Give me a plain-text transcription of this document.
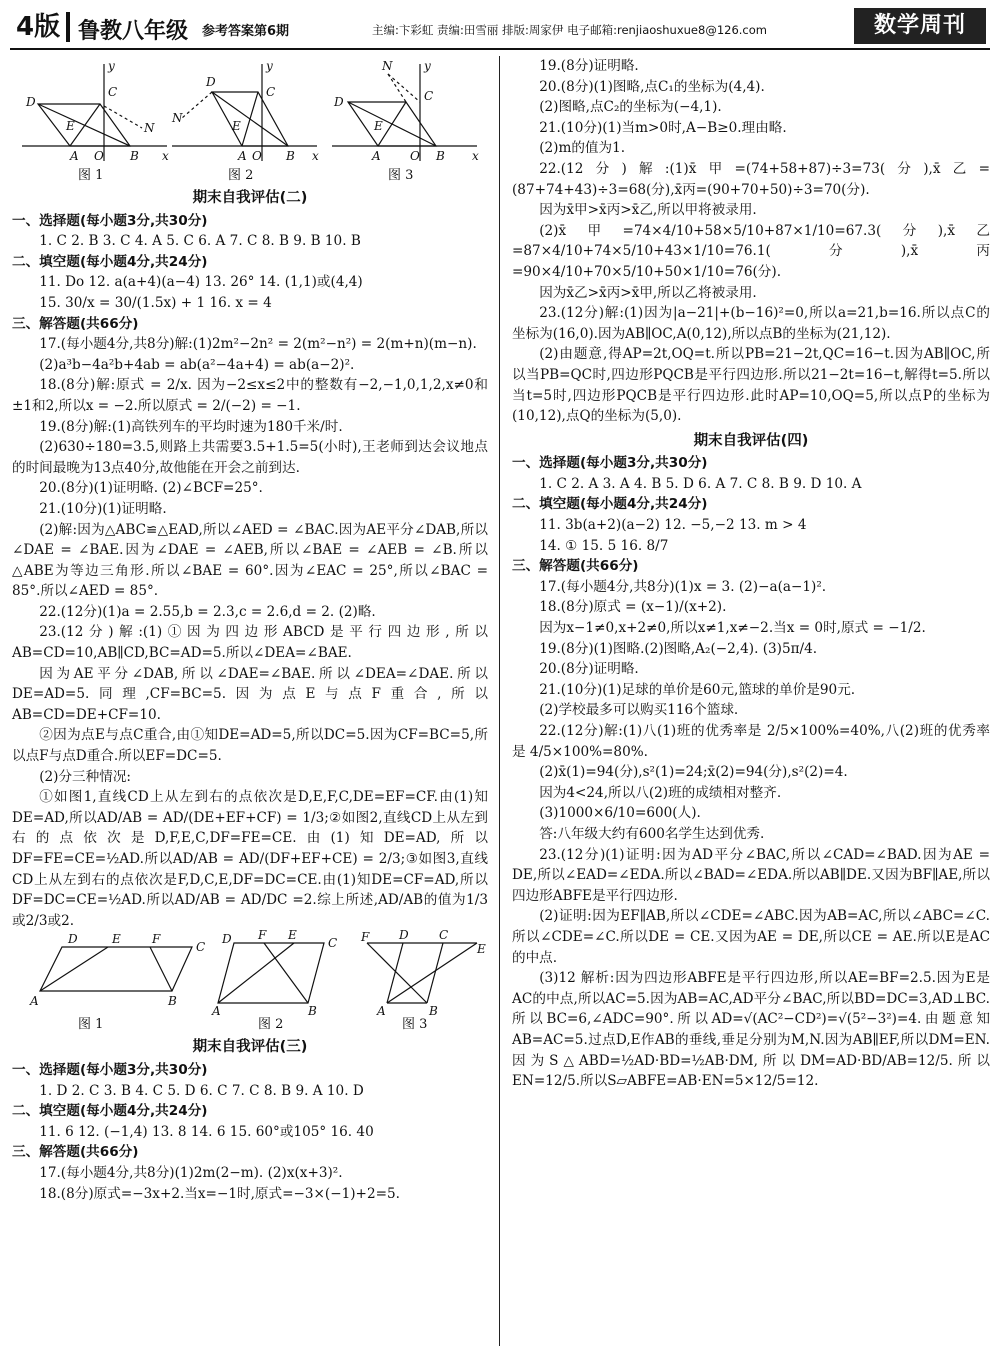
4版 鲁教八年级 参考答案第6期	主编:卞彩虹 责编:田雪丽 排版:周家伊 电子邮箱:renjiaoshuxue8@126.com	数学周刊
D
C
E	N
A O B x
y
D
C
E
N
A O B x
y
D	C
E
N
A O B x
y
图 1	图 2	图 3

期末自我评估(二)

一、选择题(每小题3分,共30分)

1. C 2. B 3. C 4. A 5. C 6. A 7. C 8. B 9. B 10. B

二、填空题(每小题4分,共24分)

11. Do 12. a(a+4)(a−4) 13. 26° 14. (1,1)或(4,4)

15. 30/x = 30/(1.5x) + 1 16. x = 4

三、解答题(共66分)

17.(每小题4分,共8分)解:(1)2m²−2n² = 2(m²−n²) = 2(m+n)(m−n).

(2)a³b−4a²b+4ab = ab(a²−4a+4) = ab(a−2)².

18.(8分)解:原式 = 2/x. 因为−2≤x≤2中的整数有−2,−1,0,1,2,x≠0和±1和2,所以x = −2.所以原式 = 2/(−2) = −1.

19.(8分)解:(1)高铁列车的平均时速为180千米/时.

(2)630÷180=3.5,则路上共需要3.5+1.5=5(小时),王老师到达会议地点的时间最晚为13点40分,故他能在开会之前到达.

20.(8分)(1)证明略. (2)∠BCF=25°.

21.(10分)(1)证明略.

(2)解:因为△ABC≌△EAD,所以∠AED = ∠BAC.因为AE平分∠DAB,所以∠DAE = ∠BAE.因为∠DAE = ∠AEB,所以∠BAE = ∠AEB = ∠B.所以△ABE为等边三角形.所以∠BAE = 60°.因为∠EAC = 25°,所以∠BAC = 85°.所以∠AED = 85°.

22.(12分)(1)a = 2.55,b = 2.3,c = 2.6,d = 2. (2)略.

23.(12分)解:(1)①因为四边形ABCD是平行四边形,所以AB=CD=10,AB∥CD,BC=AD=5.所以∠DEA=∠BAE.

因为AE平分∠DAB,所以∠DAE=∠BAE.所以∠DEA=∠DAE.所以DE=AD=5.同理,CF=BC=5.因为点E与点F重合,所以AB=CD=DE+CF=10.

②因为点E与点C重合,由①知DE=AD=5,所以DC=5.因为CF=BC=5,所以点F与点D重合.所以EF=DC=5.

(2)分三种情况:

①如图1,直线CD上从左到右的点依次是D,E,F,C,DE=EF=CF.由(1)知DE=AD,所以AD/AB = AD/(DE+EF+CF) = 1/3;②如图2,直线CD上从左到右的点依次是D,F,E,C,DF=FE=CE.由(1)知DE=AD,所以DF=FE=CE=½AD.所以AD/AB = AD/(DF+EF+CE) = 2/3;③如图3,直线CD上从左到右的点依次是F,D,C,E,DF=DC=CE.由(1)知DE=CF=AD,所以DF=DC=CE=½AD.所以AD/AB = AD/DC =2.综上所述,AD/AB的值为1/3或2/3或2.

D	E	F
C
A	B
D F E
C
A	B
F D	C
E
A	B
图 1	图 2	图 3

期末自我评估(三)

一、选择题(每小题3分,共30分)

1. D 2. C 3. B 4. C 5. D 6. C 7. C 8. B 9. A 10. D

二、填空题(每小题4分,共24分)

11. 6 12. (−1,4) 13. 8 14. 6 15. 60°或105° 16. 40

三、解答题(共66分)

17.(每小题4分,共8分)(1)2m(2−m). (2)x(x+3)².

18.(8分)原式=−3x+2.当x=−1时,原式=−3×(−1)+2=5.

19.(8分)证明略.

20.(8分)(1)图略,点C₁的坐标为(4,4).

(2)图略,点C₂的坐标为(−4,1).

21.(10分)(1)当m>0时,A−B≥0.理由略.

(2)m的值为1.

22.(12分)解:(1)x̄甲=(74+58+87)÷3=73(分),x̄乙=(87+74+43)÷3=68(分),x̄丙=(90+70+50)÷3=70(分).

因为x̄甲>x̄丙>x̄乙,所以甲将被录用.

(2)x̄甲=74×4/10+58×5/10+87×1/10=67.3(分),x̄乙=87×4/10+74×5/10+43×1/10=76.1(分),x̄丙=90×4/10+70×5/10+50×1/10=76(分).

因为x̄乙>x̄丙>x̄甲,所以乙将被录用.

23.(12分)解:(1)因为|a−21|+(b−16)²=0,所以a=21,b=16.所以点C的坐标为(16,0).因为AB∥OC,A(0,12),所以点B的坐标为(21,12).

(2)由题意,得AP=2t,OQ=t.所以PB=21−2t,QC=16−t.因为AB∥OC,所以当PB=QC时,四边形PQCB是平行四边形.所以21−2t=16−t,解得t=5.所以当t=5时,四边形PQCB是平行四边形.此时AP=10,OQ=5,所以点P的坐标为(10,12),点Q的坐标为(5,0).

期末自我评估(四)

一、选择题(每小题3分,共30分)

1. C 2. A 3. A 4. B 5. D 6. A 7. C 8. B 9. D 10. A

二、填空题(每小题4分,共24分)

11. 3b(a+2)(a−2) 12. −5,−2 13. m > 4

14. ① 15. 5 16. 8/7

三、解答题(共66分)

17.(每小题4分,共8分)(1)x = 3. (2)−a(a−1)².

18.(8分)原式 = (x−1)/(x+2).

因为x−1≠0,x+2≠0,所以x≠1,x≠−2.当x = 0时,原式 = −1/2.

19.(8分)(1)图略.(2)图略,A₂(−2,4). (3)5π/4.

20.(8分)证明略.

21.(10分)(1)足球的单价是60元,篮球的单价是90元.

(2)学校最多可以购买116个篮球.

22.(12分)解:(1)八(1)班的优秀率是 2/5×100%=40%,八(2)班的优秀率是 4/5×100%=80%.

(2)x̄(1)=94(分),s²(1)=24;x̄(2)=94(分),s²(2)=4.

因为4<24,所以八(2)班的成绩相对整齐.

(3)1000×6/10=600(人).

答:八年级大约有600名学生达到优秀.

23.(12分)(1)证明:因为AD平分∠BAC,所以∠CAD=∠BAD.因为AE = DE,所以∠EAD=∠EDA.所以∠BAD=∠EDA.所以AB∥DE.又因为BF∥AE,所以四边形ABFE是平行四边形.

(2)证明:因为EF∥AB,所以∠CDE=∠ABC.因为AB=AC,所以∠ABC=∠C.所以∠CDE=∠C.所以DE = CE.又因为AE = DE,所以CE = AE.所以E是AC的中点.

(3)12 解析:因为四边形ABFE是平行四边形,所以AE=BF=2.5.因为E是AC的中点,所以AC=5.因为AB=AC,AD平分∠BAC,所以BD=DC=3,AD⊥BC.所以BC=6,∠ADC=90°.所以AD=√(AC²−CD²)=√(5²−3²)=4.由题意知AB=AC=5.过点D,E作AB的垂线,垂足分别为M,N.因为AB∥EF,所以DM=EN.因为S△ABD=½AD·BD=½AB·DM,所以DM=AD·BD/AB=12/5.所以EN=12/5.所以S▱ABFE=AB·EN=5×12/5=12.
